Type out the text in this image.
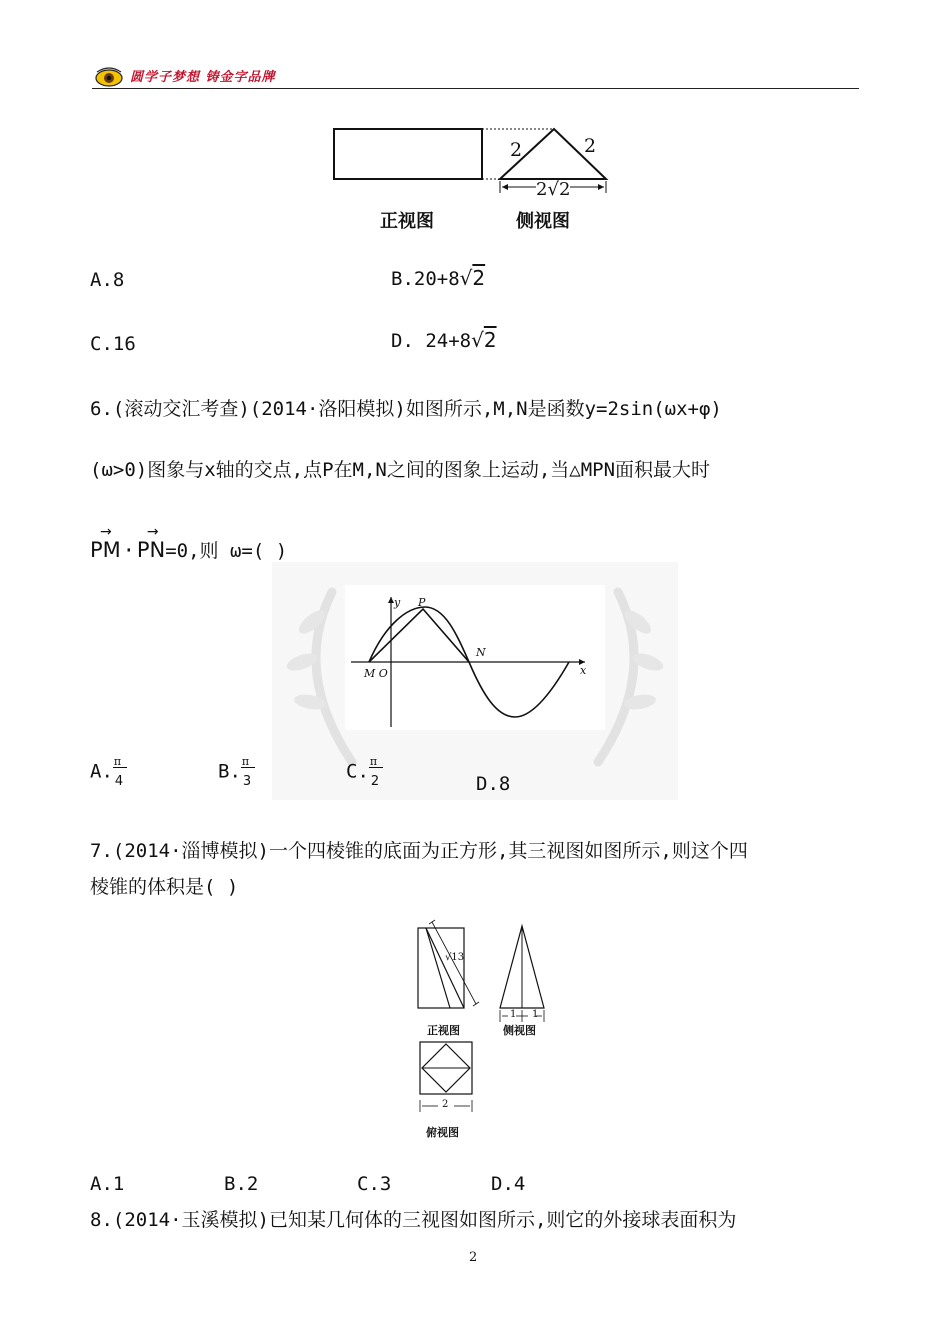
圆学子梦想 铸金字品牌
2	2
2√2
正视图	侧视图
A.8	B.20+8√2
C.16	D. 24+8√2
6.(滚动交汇考查)(2014·洛阳模拟)如图所示,M,N是函数y=2sin(ωx+φ)
(ω>0)图象与x轴的交点,点P在M,N之间的图象上运动,当△MPN面积最大时
→
PM ·
→
PN=0,则 ω=( )
y P
N
M O	x
A. $\frac{\pi}{4}$	B. $\frac{\pi}{3}$	C. $\frac{\pi}{2}$	D.8
7.(2014·淄博模拟)一个四棱锥的底面为正方形,其三视图如图所示,则这个四
棱锥的体积是( )
√13
1 1
正视图	侧视图
2
俯视图
A.1	B.2	C.3	D.4
8.(2014·玉溪模拟)已知某几何体的三视图如图所示,则它的外接球表面积为
2
